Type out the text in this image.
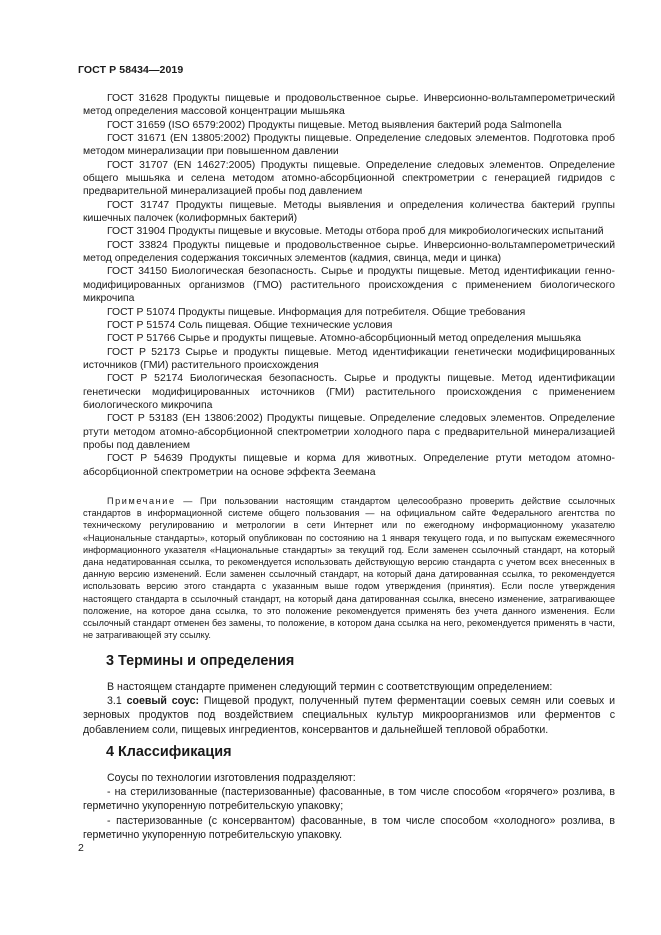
ГОСТ Р 58434—2019

ГОСТ 31628 Продукты пищевые и продовольственное сырье. Инверсионно-вольтамперометрический метод определения массовой концентрации мышьяка

ГОСТ 31659 (ISO 6579:2002) Продукты пищевые. Метод выявления бактерий рода Salmonella

ГОСТ 31671 (EN 13805:2002) Продукты пищевые. Определение следовых элементов. Подготовка проб методом минерализации при повышенном давлении

ГОСТ 31707 (EN 14627:2005) Продукты пищевые. Определение следовых элементов. Определение общего мышьяка и селена методом атомно-абсорбционной спектрометрии с генерацией гидридов с предварительной минерализацией пробы под давлением

ГОСТ 31747 Продукты пищевые. Методы выявления и определения количества бактерий группы кишечных палочек (колиформных бактерий)

ГОСТ 31904 Продукты пищевые и вкусовые. Методы отбора проб для микробиологических испытаний

ГОСТ 33824 Продукты пищевые и продовольственное сырье. Инверсионно-вольтамперометрический метод определения содержания токсичных элементов (кадмия, свинца, меди и цинка)

ГОСТ 34150 Биологическая безопасность. Сырье и продукты пищевые. Метод идентификации генно-модифицированных организмов (ГМО) растительного происхождения с применением биологического микрочипа

ГОСТ Р 51074 Продукты пищевые. Информация для потребителя. Общие требования

ГОСТ Р 51574 Соль пищевая. Общие технические условия

ГОСТ Р 51766 Сырье и продукты пищевые. Атомно-абсорбционный метод определения мышьяка

ГОСТ Р 52173 Сырье и продукты пищевые. Метод идентификации генетически модифицированных источников (ГМИ) растительного происхождения

ГОСТ Р 52174 Биологическая безопасность. Сырье и продукты пищевые. Метод идентификации генетически модифицированных источников (ГМИ) растительного происхождения с применением биологического микрочипа

ГОСТ Р 53183 (ЕН 13806:2002) Продукты пищевые. Определение следовых элементов. Определение ртути методом атомно-абсорбционной спектрометрии холодного пара с предварительной минерализацией пробы под давлением

ГОСТ Р 54639 Продукты пищевые и корма для животных. Определение ртути методом атомно-абсорбционной спектрометрии на основе эффекта Зеемана

Примечание — При пользовании настоящим стандартом целесообразно проверить действие ссылочных стандартов в информационной системе общего пользования — на официальном сайте Федерального агентства по техническому регулированию и метрологии в сети Интернет или по ежегодному информационному указателю «Национальные стандарты», который опубликован по состоянию на 1 января текущего года, и по выпускам ежемесячного информационного указателя «Национальные стандарты» за текущий год. Если заменен ссылочный стандарт, на который дана недатированная ссылка, то рекомендуется использовать действующую версию стандарта с учетом всех внесенных в данную версию изменений. Если заменен ссылочный стандарт, на который дана датированная ссылка, то рекомендуется использовать версию этого стандарта с указанным выше годом утверждения (принятия). Если после утверждения настоящего стандарта в ссылочный стандарт, на который дана датированная ссылка, внесено изменение, затрагивающее положение, на которое дана ссылка, то это положение рекомендуется применять без учета данного изменения. Если ссылочный стандарт отменен без замены, то положение, в котором дана ссылка на него, рекомендуется применять в части, не затрагивающей эту ссылку.

3 Термины и определения

В настоящем стандарте применен следующий термин с соответствующим определением:

3.1 соевый соус: Пищевой продукт, полученный путем ферментации соевых семян или соевых и зерновых продуктов под воздействием специальных культур микроорганизмов или ферментов с добавлением соли, пищевых ингредиентов, консервантов и дальнейшей тепловой обработки.

4 Классификация

Соусы по технологии изготовления подразделяют:

- на стерилизованные (пастеризованные) фасованные, в том числе способом «горячего» розлива, в герметично укупоренную потребительскую упаковку;

- пастеризованные (с консервантом) фасованные, в том числе способом «холодного» розлива, в герметично укупоренную потребительскую упаковку.

2
